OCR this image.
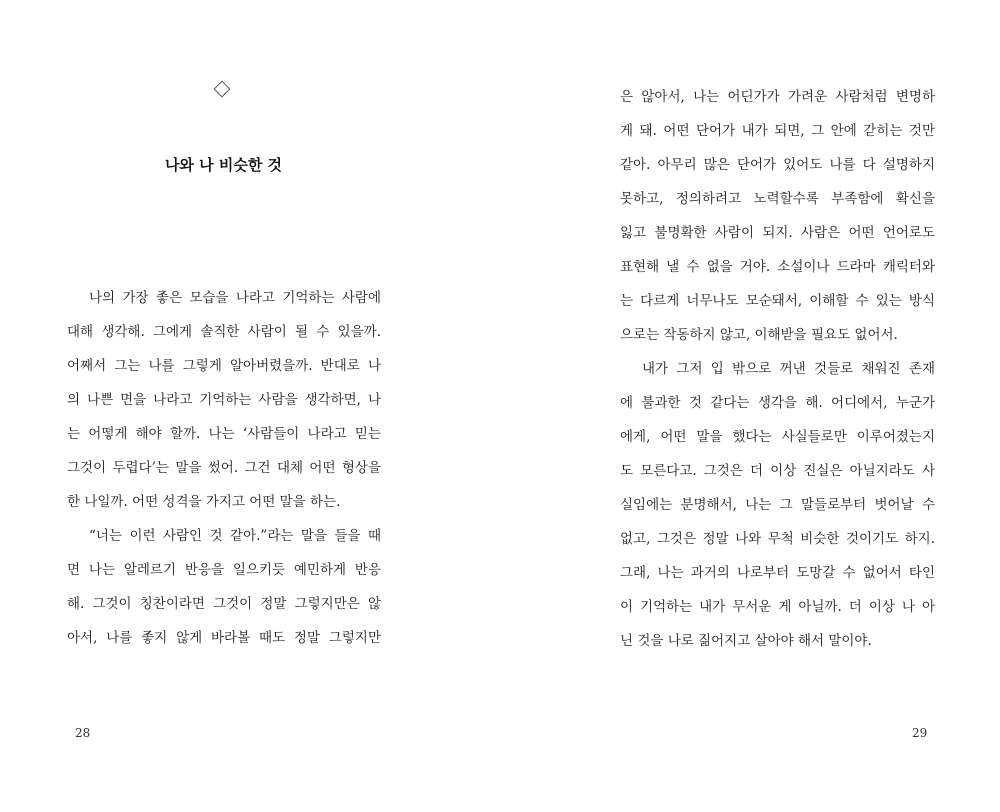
나와 나 비슷한 것
나의 가장 좋은 모습을 나라고 기억하는 사람에
대해 생각해. 그에게 솔직한 사람이 될 수 있을까.
어째서 그는 나를 그렇게 알아버렸을까. 반대로 나
의 나쁜 면을 나라고 기억하는 사람을 생각하면, 나
는 어떻게 해야 할까. 나는 ‘사람들이 나라고 믿는
그것이 두렵다’는 말을 썼어. 그건 대체 어떤 형상을
한 나일까. 어떤 성격을 가지고 어떤 말을 하는.
“너는 이런 사람인 것 같아.”라는 말을 들을 때
면 나는 알레르기 반응을 일으키듯 예민하게 반응
해. 그것이 칭찬이라면 그것이 정말 그렇지만은 않
아서, 나를 좋지 않게 바라볼 때도 정말 그렇지만
28
은 않아서, 나는 어딘가가 가려운 사람처럼 변명하
게 돼. 어떤 단어가 내가 되면, 그 안에 갇히는 것만
같아. 아무리 많은 단어가 있어도 나를 다 설명하지
못하고, 정의하려고 노력할수록 부족함에 확신을
잃고 불명확한 사람이 되지. 사람은 어떤 언어로도
표현해 낼 수 없을 거야. 소설이나 드라마 캐릭터와
는 다르게 너무나도 모순돼서, 이해할 수 있는 방식
으로는 작동하지 않고, 이해받을 필요도 없어서.
내가 그저 입 밖으로 꺼낸 것들로 채워진 존재
에 불과한 것 같다는 생각을 해. 어디에서, 누군가
에게, 어떤 말을 했다는 사실들로만 이루어졌는지
도 모른다고. 그것은 더 이상 진실은 아닐지라도 사
실임에는 분명해서, 나는 그 말들로부터 벗어날 수
없고, 그것은 정말 나와 무척 비슷한 것이기도 하지.
그래, 나는 과거의 나로부터 도망갈 수 없어서 타인
이 기억하는 내가 무서운 게 아닐까. 더 이상 나 아
닌 것을 나로 짊어지고 살아야 해서 말이야.
29
